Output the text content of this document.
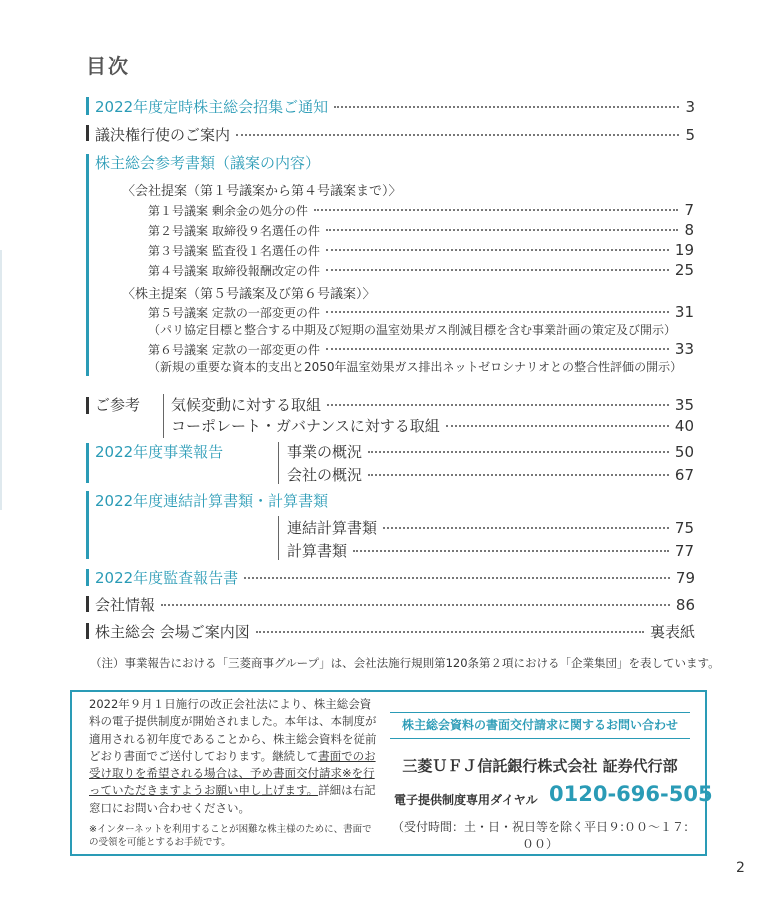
目次
2022年度定時株主総会招集ご通知	3
議決権行使のご案内	5
株主総会参考書類（議案の内容）
〈会社提案（第１号議案から第４号議案まで）〉
第１号議案 剰余金の処分の件	7
第２号議案 取締役９名選任の件	8
第３号議案 監査役１名選任の件	19
第４号議案 取締役報酬改定の件	25
〈株主提案（第５号議案及び第６号議案）〉
第５号議案 定款の一部変更の件	31
（パリ協定目標と整合する中期及び短期の温室効果ガス削減目標を含む事業計画の策定及び開示）
第６号議案 定款の一部変更の件	33
（新規の重要な資本的支出と2050年温室効果ガス排出ネットゼロシナリオとの整合性評価の開示）
ご参考 気候変動に対する取組	35
コーポレート・ガバナンスに対する取組	40
2022年度事業報告	事業の概況	50
会社の概況	67
2022年度連結計算書類・計算書類
連結計算書類	75
計算書類	77
2022年度監査報告書	79
会社情報	86
株主総会 会場ご案内図	裏表紙
（注）事業報告における「三菱商事グループ」は、会社法施行規則第120条第２項における「企業集団」を表しています。
2022年９月１日施行の改正会社法により、株主総会資料の電子提供制度が開始されました。本年は、本制度が適用される初年度であることから、株主総会資料を従前どおり書面でご送付しております。継続して書面でのお受け取りを希望される場合は、予め書面交付請求※を行っていただきますようお願い申し上げます。詳細は右記窓口にお問い合わせください。
※インターネットを利用することが困難な株主様のために、書面での受領を可能とするお手続です。
株主総会資料の書面交付請求に関するお問い合わせ
三菱ＵＦＪ信託銀行株式会社 証券代行部
電子提供制度専用ダイヤル 0120-696-505
（受付時間：土・日・祝日等を除く平日９:００～１７:００）
2
